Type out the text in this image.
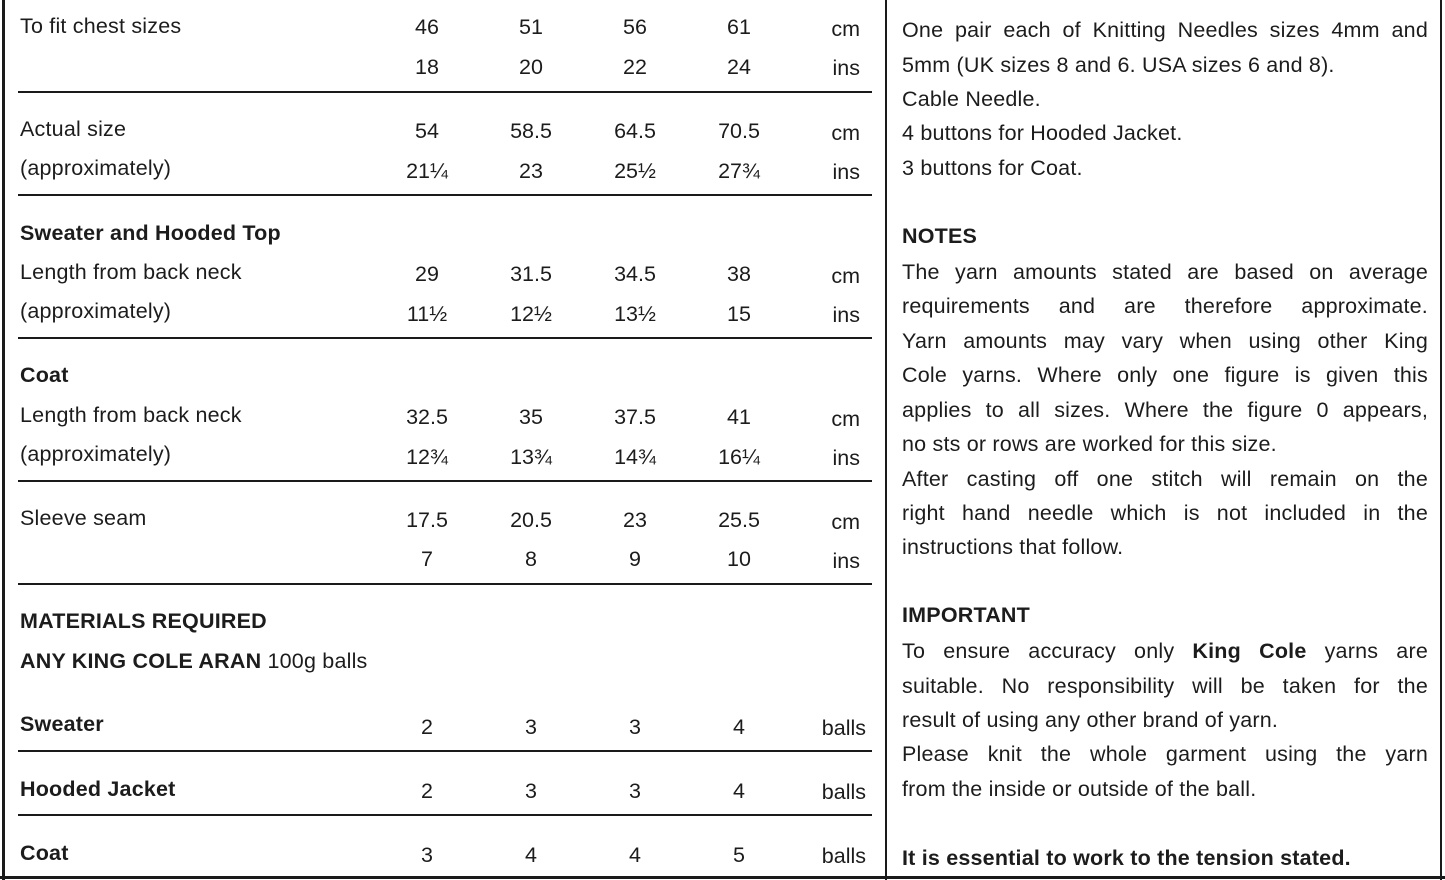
To fit chest sizes	46	51	56	61	cm
18	20	22	24	ins
Actual size
(approximately)
54	58.5	64.5	70.5	cm
21¼	23	25½	27¾	ins
Sweater and Hooded Top
Length from back neck
(approximately)
29	31.5	34.5	38	cm
11½	12½	13½	15	ins
Coat
Length from back neck
(approximately)
32.5	35	37.5	41	cm
12¾	13¾	14¾	16¼	ins
Sleeve seam	17.5	20.5	23	25.5	cm
7	8	9	10	ins
MATERIALS REQUIRED
ANY KING COLE ARAN 100g balls
Sweater	2	3	3	4	balls
Hooded Jacket	2	3	3	4	balls
Coat	3	4	4	5	balls
One pair each of Knitting Needles sizes 4mm and
5mm (UK sizes 8 and 6. USA sizes 6 and 8).
Cable Needle.
4 buttons for Hooded Jacket.
3 buttons for Coat.
NOTES
The yarn amounts stated are based on average
requirements and are therefore approximate.
Yarn amounts may vary when using other King
Cole yarns. Where only one figure is given this
applies to all sizes. Where the figure 0 appears,
no sts or rows are worked for this size.
After casting off one stitch will remain on the
right hand needle which is not included in the
instructions that follow.
IMPORTANT
To ensure accuracy only King Cole yarns are
suitable. No responsibility will be taken for the
result of using any other brand of yarn.
Please knit the whole garment using the yarn
from the inside or outside of the ball.
It is essential to work to the tension stated.
